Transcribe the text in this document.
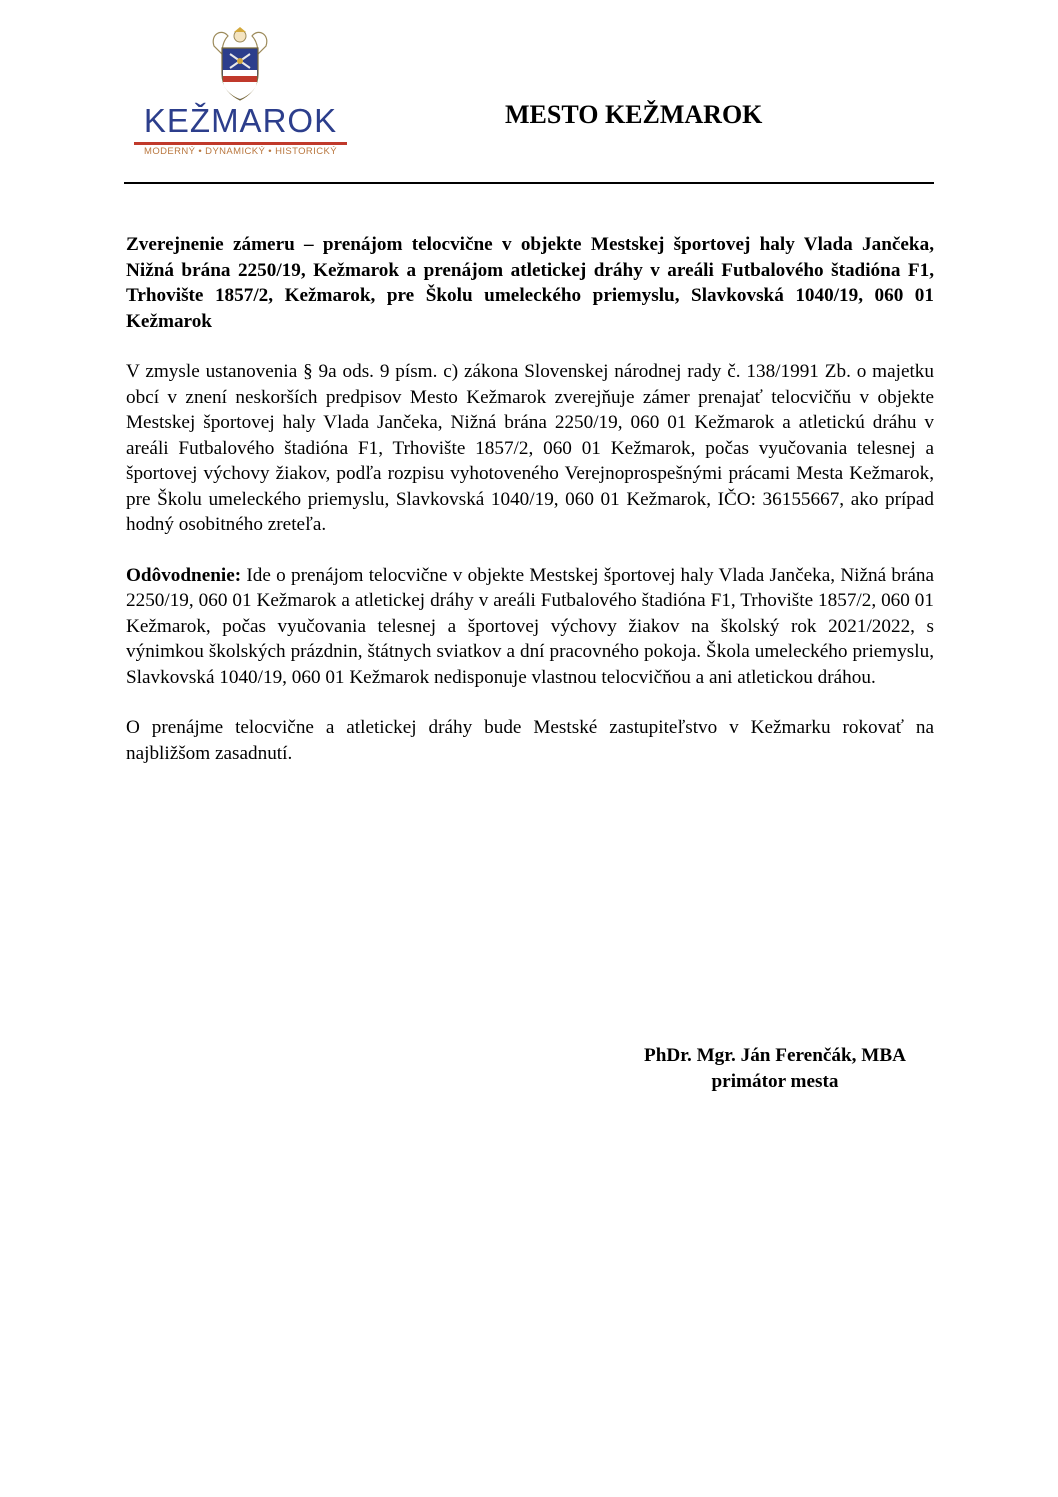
KEŽMAROK
MODERNÝ • DYNAMICKÝ • HISTORICKÝ
MESTO KEŽMAROK

Zverejnenie zámeru – prenájom telocvične v objekte Mestskej športovej haly Vlada Jančeka, Nižná brána 2250/19, Kežmarok a prenájom atletickej dráhy v areáli Futbalového štadióna F1, Trhovište 1857/2, Kežmarok, pre Školu umeleckého priemyslu, Slavkovská 1040/19, 060 01 Kežmarok

V zmysle ustanovenia § 9a ods. 9 písm. c) zákona Slovenskej národnej rady č. 138/1991 Zb. o majetku obcí v znení neskorších predpisov Mesto Kežmarok zverejňuje zámer prenajať telocvičňu v objekte Mestskej športovej haly Vlada Jančeka, Nižná brána 2250/19, 060 01 Kežmarok a atletickú dráhu v areáli Futbalového štadióna F1, Trhovište 1857/2, 060 01 Kežmarok, počas vyučovania telesnej a športovej výchovy žiakov, podľa rozpisu vyhotoveného Verejnoprospešnými prácami Mesta Kežmarok, pre Školu umeleckého priemyslu, Slavkovská 1040/19, 060 01 Kežmarok, IČO: 36155667, ako prípad hodný osobitného zreteľa.

Odôvodnenie: Ide o prenájom telocvične v objekte Mestskej športovej haly Vlada Jančeka, Nižná brána 2250/19, 060 01 Kežmarok a atletickej dráhy v areáli Futbalového štadióna F1, Trhovište 1857/2, 060 01 Kežmarok, počas vyučovania telesnej a športovej výchovy žiakov na školský rok 2021/2022, s výnimkou školských prázdnin, štátnych sviatkov a dní pracovného pokoja. Škola umeleckého priemyslu, Slavkovská 1040/19, 060 01 Kežmarok nedisponuje vlastnou telocvičňou a ani atletickou dráhou.

O prenájme telocvične a atletickej dráhy bude Mestské zastupiteľstvo v Kežmarku rokovať na najbližšom zasadnutí.

PhDr. Mgr. Ján Ferenčák, MBA
primátor mesta
